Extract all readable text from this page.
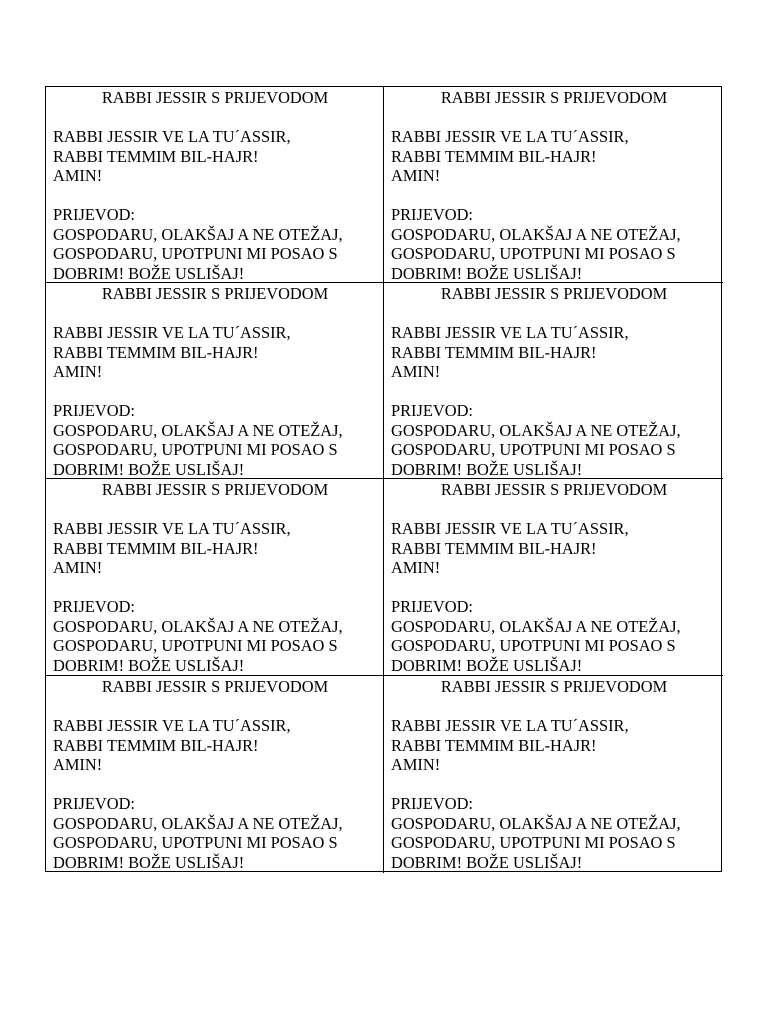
RABBI JESSIR S PRIJEVODOM
RABBI JESSIR VE LA TU´ASSIR,
RABBI TEMMIM BIL-HAJR!
AMIN!
PRIJEVOD:
GOSPODARU, OLAKŠAJ A NE OTEŽAJ,
GOSPODARU, UPOTPUNI MI POSAO S
DOBRIM! BOŽE USLIŠAJ!
RABBI JESSIR S PRIJEVODOM
RABBI JESSIR VE LA TU´ASSIR,
RABBI TEMMIM BIL-HAJR!
AMIN!
PRIJEVOD:
GOSPODARU, OLAKŠAJ A NE OTEŽAJ,
GOSPODARU, UPOTPUNI MI POSAO S
DOBRIM! BOŽE USLIŠAJ!
RABBI JESSIR S PRIJEVODOM
RABBI JESSIR VE LA TU´ASSIR,
RABBI TEMMIM BIL-HAJR!
AMIN!
PRIJEVOD:
GOSPODARU, OLAKŠAJ A NE OTEŽAJ,
GOSPODARU, UPOTPUNI MI POSAO S
DOBRIM! BOŽE USLIŠAJ!
RABBI JESSIR S PRIJEVODOM
RABBI JESSIR VE LA TU´ASSIR,
RABBI TEMMIM BIL-HAJR!
AMIN!
PRIJEVOD:
GOSPODARU, OLAKŠAJ A NE OTEŽAJ,
GOSPODARU, UPOTPUNI MI POSAO S
DOBRIM! BOŽE USLIŠAJ!
RABBI JESSIR S PRIJEVODOM
RABBI JESSIR VE LA TU´ASSIR,
RABBI TEMMIM BIL-HAJR!
AMIN!
PRIJEVOD:
GOSPODARU, OLAKŠAJ A NE OTEŽAJ,
GOSPODARU, UPOTPUNI MI POSAO S
DOBRIM! BOŽE USLIŠAJ!
RABBI JESSIR S PRIJEVODOM
RABBI JESSIR VE LA TU´ASSIR,
RABBI TEMMIM BIL-HAJR!
AMIN!
PRIJEVOD:
GOSPODARU, OLAKŠAJ A NE OTEŽAJ,
GOSPODARU, UPOTPUNI MI POSAO S
DOBRIM! BOŽE USLIŠAJ!
RABBI JESSIR S PRIJEVODOM
RABBI JESSIR VE LA TU´ASSIR,
RABBI TEMMIM BIL-HAJR!
AMIN!
PRIJEVOD:
GOSPODARU, OLAKŠAJ A NE OTEŽAJ,
GOSPODARU, UPOTPUNI MI POSAO S
DOBRIM! BOŽE USLIŠAJ!
RABBI JESSIR S PRIJEVODOM
RABBI JESSIR VE LA TU´ASSIR,
RABBI TEMMIM BIL-HAJR!
AMIN!
PRIJEVOD:
GOSPODARU, OLAKŠAJ A NE OTEŽAJ,
GOSPODARU, UPOTPUNI MI POSAO S
DOBRIM! BOŽE USLIŠAJ!
